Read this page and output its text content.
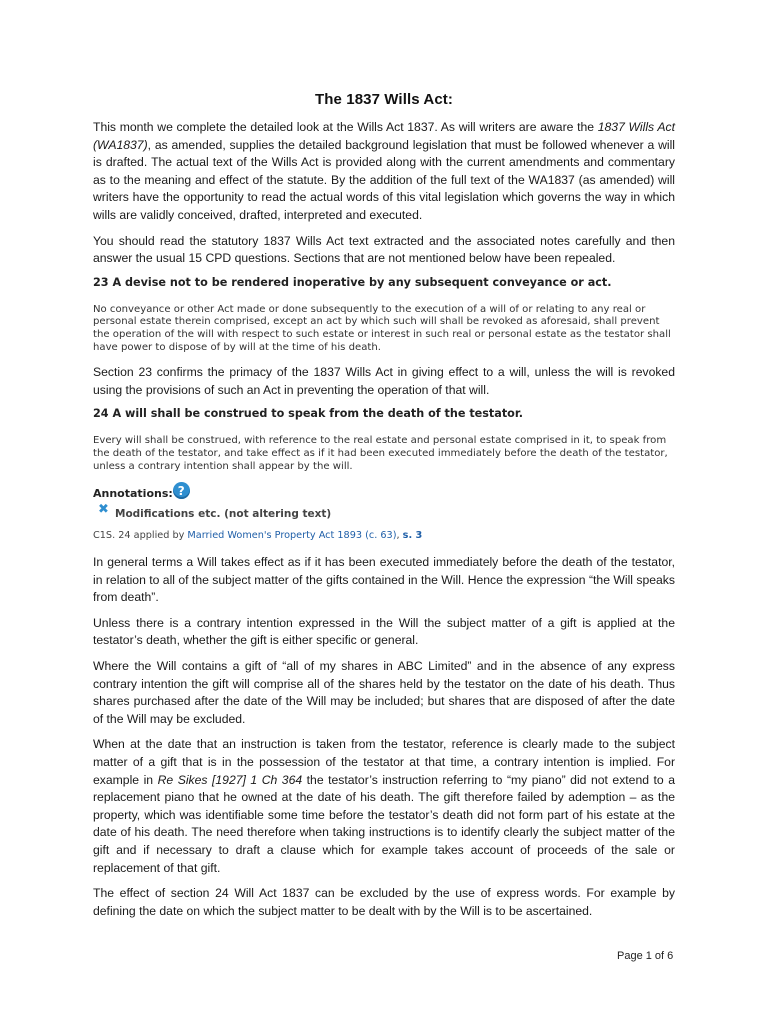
The 1837 Wills Act:
This month we complete the detailed look at the Wills Act 1837. As will writers are aware the 1837 Wills Act (WA1837), as amended, supplies the detailed background legislation that must be followed whenever a will is drafted. The actual text of the Wills Act is provided along with the current amendments and commentary as to the meaning and effect of the statute. By the addition of the full text of the WA1837 (as amended) will writers have the opportunity to read the actual words of this vital legislation which governs the way in which wills are validly conceived, drafted, interpreted and executed.
You should read the statutory 1837 Wills Act text extracted and the associated notes carefully and then answer the usual 15 CPD questions. Sections that are not mentioned below have been repealed.
23 A devise not to be rendered inoperative by any subsequent conveyance or act.
No conveyance or other Act made or done subsequently to the execution of a will of or relating to any real or personal estate therein comprised, except an act by which such will shall be revoked as aforesaid, shall prevent the operation of the will with respect to such estate or interest in such real or personal estate as the testator shall have power to dispose of by will at the time of his death.
Section 23 confirms the primacy of the 1837 Wills Act in giving effect to a will, unless the will is revoked using the provisions of such an Act in preventing the operation of that will.
24 A will shall be construed to speak from the death of the testator.
Every will shall be construed, with reference to the real estate and personal estate comprised in it, to speak from the death of the testator, and take effect as if it had been executed immediately before the death of the testator, unless a contrary intention shall appear by the will.
Annotations: ?
✖ Modifications etc. (not altering text)
C1S. 24 applied by Married Women's Property Act 1893 (c. 63), s. 3
In general terms a Will takes effect as if it has been executed immediately before the death of the testator, in relation to all of the subject matter of the gifts contained in the Will. Hence the expression “the Will speaks from death”.
Unless there is a contrary intention expressed in the Will the subject matter of a gift is applied at the testator’s death, whether the gift is either specific or general.
Where the Will contains a gift of “all of my shares in ABC Limited” and in the absence of any express contrary intention the gift will comprise all of the shares held by the testator on the date of his death. Thus shares purchased after the date of the Will may be included; but shares that are disposed of after the date of the Will may be excluded.
When at the date that an instruction is taken from the testator, reference is clearly made to the subject matter of a gift that is in the possession of the testator at that time, a contrary intention is implied. For example in Re Sikes [1927] 1 Ch 364 the testator’s instruction referring to “my piano” did not extend to a replacement piano that he owned at the date of his death. The gift therefore failed by ademption – as the property, which was identifiable some time before the testator’s death did not form part of his estate at the date of his death. The need therefore when taking instructions is to identify clearly the subject matter of the gift and if necessary to draft a clause which for example takes account of proceeds of the sale or replacement of that gift.
The effect of section 24 Will Act 1837 can be excluded by the use of express words. For example by defining the date on which the subject matter to be dealt with by the Will is to be ascertained.
Page 1 of 6
